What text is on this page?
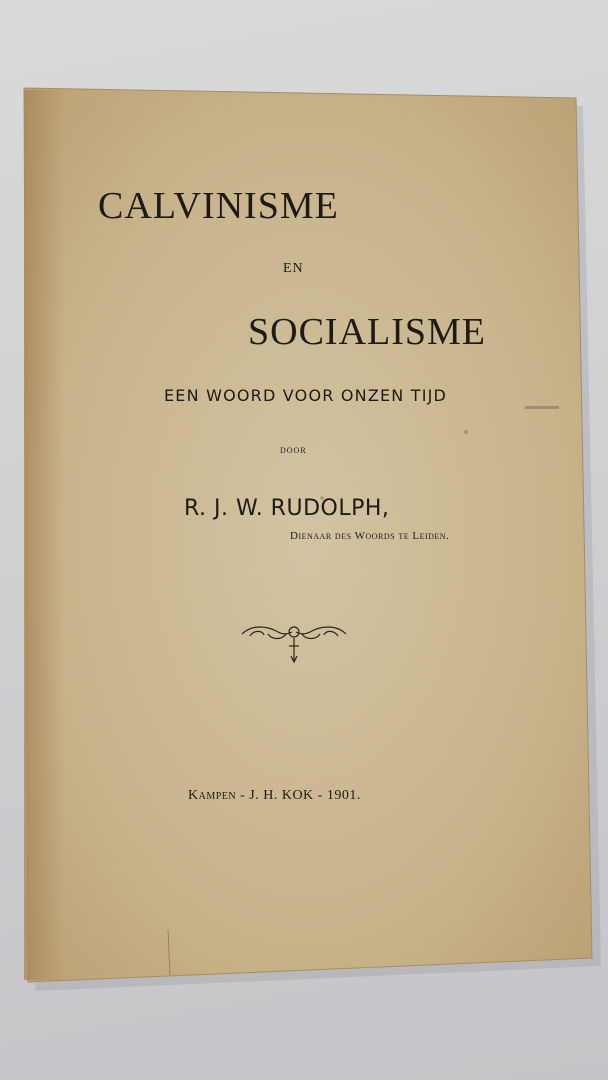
CALVINISME
EN
SOCIALISME
EEN WOORD VOOR ONZEN TIJD
DOOR
R. J. W. RUDOLPH,
Dienaar des Woords te Leiden.
Kampen - J. H. KOK - 1901.
